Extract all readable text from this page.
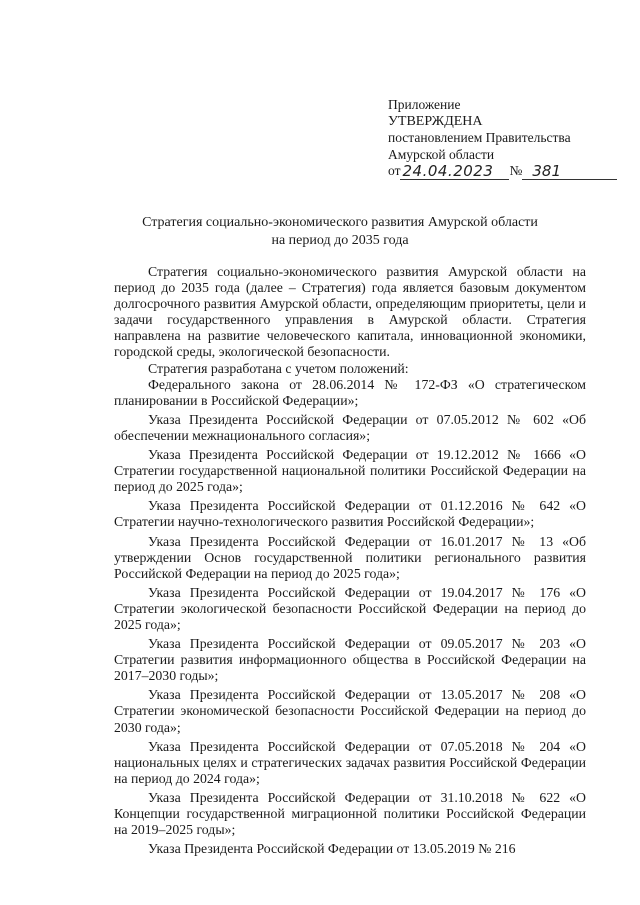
Приложение
УТВЕРЖДЕНА
постановлением Правительства
Амурской области
от 24.04.2023	№ 381
Стратегия социально-экономического развития Амурской области
на период до 2035 года

Стратегия социально-экономического развития Амурской области на период до 2035 года (далее – Стратегия) года является базовым документом долгосрочного развития Амурской области, определяющим приоритеты, цели и задачи государственного управления в Амурской области. Стратегия направлена на развитие человеческого капитала, инновационной экономики, городской среды, экологической безопасности.

Стратегия разработана с учетом положений:

Федерального закона от 28.06.2014 № 172-ФЗ «О стратегическом планировании в Российской Федерации»;

Указа Президента Российской Федерации от 07.05.2012 № 602 «Об обеспечении межнационального согласия»;

Указа Президента Российской Федерации от 19.12.2012 № 1666 «О Стратегии государственной национальной политики Российской Федерации на период до 2025 года»;

Указа Президента Российской Федерации от 01.12.2016 № 642 «О Стратегии научно-технологического развития Российской Федерации»;

Указа Президента Российской Федерации от 16.01.2017 № 13 «Об утверждении Основ государственной политики регионального развития Российской Федерации на период до 2025 года»;

Указа Президента Российской Федерации от 19.04.2017 № 176 «О Стратегии экологической безопасности Российской Федерации на период до 2025 года»;

Указа Президента Российской Федерации от 09.05.2017 № 203 «О Стратегии развития информационного общества в Российской Федерации на 2017–2030 годы»;

Указа Президента Российской Федерации от 13.05.2017 № 208 «О Стратегии экономической безопасности Российской Федерации на период до 2030 года»;

Указа Президента Российской Федерации от 07.05.2018 № 204 «О национальных целях и стратегических задачах развития Российской Федерации на период до 2024 года»;

Указа Президента Российской Федерации от 31.10.2018 № 622 «О Концепции государственной миграционной политики Российской Федерации на 2019–2025 годы»;

Указа Президента Российской Федерации от 13.05.2019 № 216
